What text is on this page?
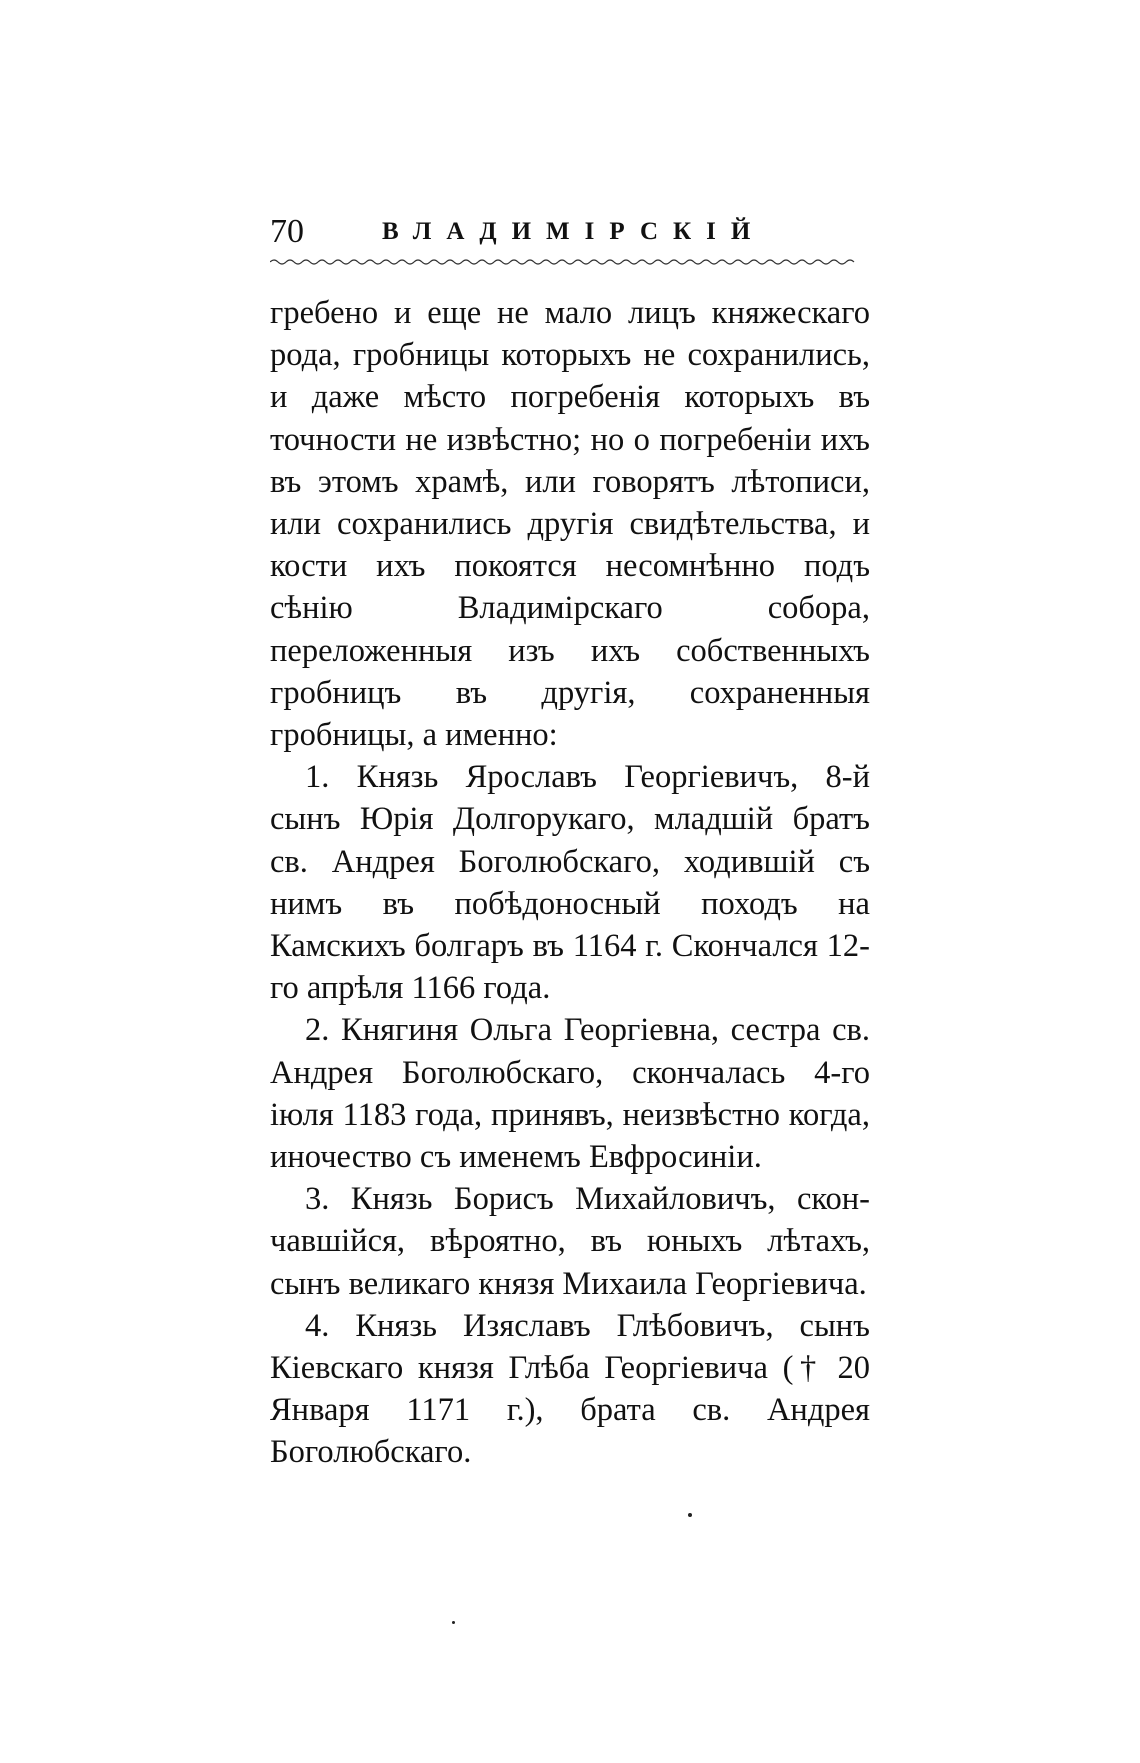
70	ВЛАДИМІРСКІЙ

гребено и еще не мало лицъ княжескаго рода, гробницы которыхъ не сохранились, и даже мѣсто погребенія которыхъ въ точности не извѣстно; но о погребеніи ихъ въ этомъ храмѣ, или говорятъ лѣтописи, или сохранились другія свидѣтельства, и кости ихъ покоятся несомнѣнно подъ сѣнію Владимірскаго собора, переложенныя изъ ихъ собственныхъ гробницъ въ другія, сохраненныя гробницы, а именно:

1. Князь Ярославъ Георгіевичъ, 8-й сынъ Юрія Долгорукаго, младшій братъ св. Андрея Боголюбскаго, ходившій съ нимъ въ побѣдоносный походъ на Камскихъ болгаръ въ 1164 г. Скончался 12-го апрѣля 1166 года.

2. Княгиня Ольга Георгіевна, сестра св. Андрея Боголюбскаго, скончалась 4-го іюля 1183 года, принявъ, неизвѣстно когда, иночество съ именемъ Евфросиніи.

3. Князь Борисъ Михайловичъ, скончавшійся, вѣроятно, въ юныхъ лѣтахъ, сынъ великаго князя Михаила Георгіевича.

4. Князь Изяславъ Глѣбовичъ, сынъ Кіевскаго князя Глѣба Георгіевича († 20 Января 1171 г.), брата св. Андрея Боголюбскаго.
